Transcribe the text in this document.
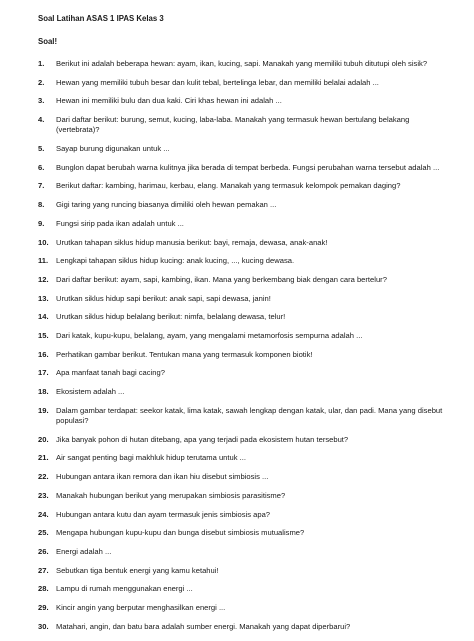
Soal Latihan ASAS 1 IPAS Kelas 3
Soal!
1.	Berikut ini adalah beberapa hewan: ayam, ikan, kucing, sapi. Manakah yang memiliki tubuh ditutupi oleh sisik?
2.	Hewan yang memiliki tubuh besar dan kulit tebal, bertelinga lebar, dan memiliki belalai adalah ...
3.	Hewan ini memiliki bulu dan dua kaki. Ciri khas hewan ini adalah ...
4.	Dari daftar berikut: burung, semut, kucing, laba-laba. Manakah yang termasuk hewan bertulang belakang (vertebrata)?
5.	Sayap burung digunakan untuk ...
6.	Bunglon dapat berubah warna kulitnya jika berada di tempat berbeda. Fungsi perubahan warna tersebut adalah ...
7.	Berikut daftar: kambing, harimau, kerbau, elang. Manakah yang termasuk kelompok pemakan daging?
8.	Gigi taring yang runcing biasanya dimiliki oleh hewan pemakan ...
9.	Fungsi sirip pada ikan adalah untuk ...
10. Urutkan tahapan siklus hidup manusia berikut: bayi, remaja, dewasa, anak-anak!
11.	Lengkapi tahapan siklus hidup kucing: anak kucing, ..., kucing dewasa.
12. Dari daftar berikut: ayam, sapi, kambing, ikan. Mana yang berkembang biak dengan cara bertelur?
13. Urutkan siklus hidup sapi berikut: anak sapi, sapi dewasa, janin!
14. Urutkan siklus hidup belalang berikut: nimfa, belalang dewasa, telur!
15. Dari katak, kupu-kupu, belalang, ayam, yang mengalami metamorfosis sempurna adalah ...
16. Perhatikan gambar berikut. Tentukan mana yang termasuk komponen biotik!
17. Apa manfaat tanah bagi cacing?
18. Ekosistem adalah ...
19. Dalam gambar terdapat: seekor katak, lima katak, sawah lengkap dengan katak, ular, dan padi. Mana yang disebut populasi?
20. Jika banyak pohon di hutan ditebang, apa yang terjadi pada ekosistem hutan tersebut?
21. Air sangat penting bagi makhluk hidup terutama untuk ...
22. Hubungan antara ikan remora dan ikan hiu disebut simbiosis ...
23. Manakah hubungan berikut yang merupakan simbiosis parasitisme?
24. Hubungan antara kutu dan ayam termasuk jenis simbiosis apa?
25. Mengapa hubungan kupu-kupu dan bunga disebut simbiosis mutualisme?
26. Energi adalah ...
27. Sebutkan tiga bentuk energi yang kamu ketahui!
28. Lampu di rumah menggunakan energi ...
29. Kincir angin yang berputar menghasilkan energi ...
30. Matahari, angin, dan batu bara adalah sumber energi. Manakah yang dapat diperbarui?
